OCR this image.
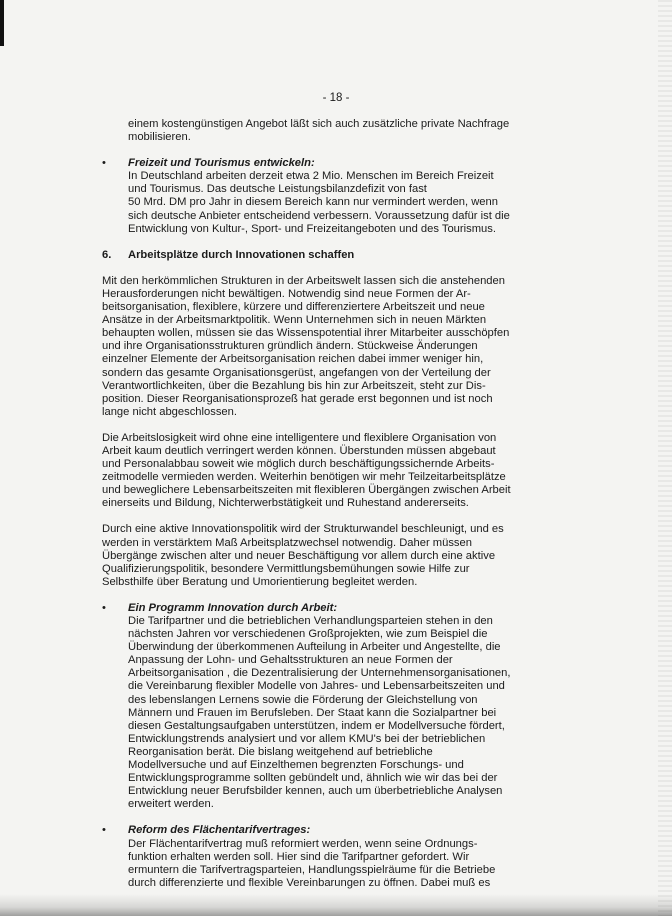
- 18 -
einem kostengünstigen Angebot läßt sich auch zusätzliche private Nachfrage
mobilisieren.
•	Freizeit und Tourismus entwickeln:
In Deutschland arbeiten derzeit etwa 2 Mio. Menschen im Bereich Freizeit
und Tourismus. Das deutsche Leistungsbilanzdefizit von fast
50 Mrd. DM pro Jahr in diesem Bereich kann nur vermindert werden, wenn
sich deutsche Anbieter entscheidend verbessern. Voraussetzung dafür ist die
Entwicklung von Kultur-, Sport- und Freizeitangeboten und des Tourismus.
6. Arbeitsplätze durch Innovationen schaffen
Mit den herkömmlichen Strukturen in der Arbeitswelt lassen sich die anstehenden
Herausforderungen nicht bewältigen. Notwendig sind neue Formen der Ar-
beitsorganisation, flexiblere, kürzere und differenziertere Arbeitszeit und neue
Ansätze in der Arbeitsmarktpolitik. Wenn Unternehmen sich in neuen Märkten
behaupten wollen, müssen sie das Wissenspotential ihrer Mitarbeiter ausschöpfen
und ihre Organisationsstrukturen gründlich ändern. Stückweise Änderungen
einzelner Elemente der Arbeitsorganisation reichen dabei immer weniger hin,
sondern das gesamte Organisationsgerüst, angefangen von der Verteilung der
Verantwortlichkeiten, über die Bezahlung bis hin zur Arbeitszeit, steht zur Dis-
position. Dieser Reorganisationsprozeß hat gerade erst begonnen und ist noch
lange nicht abgeschlossen.
Die Arbeitslosigkeit wird ohne eine intelligentere und flexiblere Organisation von
Arbeit kaum deutlich verringert werden können. Überstunden müssen abgebaut
und Personalabbau soweit wie möglich durch beschäftigungssichernde Arbeits-
zeitmodelle vermieden werden. Weiterhin benötigen wir mehr Teilzeitarbeitsplätze
und beweglichere Lebensarbeitszeiten mit flexibleren Übergängen zwischen Arbeit
einerseits und Bildung, Nichterwerbstätigkeit und Ruhestand andererseits.
Durch eine aktive Innovationspolitik wird der Strukturwandel beschleunigt, und es
werden in verstärktem Maß Arbeitsplatzwechsel notwendig. Daher müssen
Übergänge zwischen alter und neuer Beschäftigung vor allem durch eine aktive
Qualifizierungspolitik, besondere Vermittlungsbemühungen sowie Hilfe zur
Selbsthilfe über Beratung und Umorientierung begleitet werden.
•	Ein Programm Innovation durch Arbeit:
Die Tarifpartner und die betrieblichen Verhandlungsparteien stehen in den
nächsten Jahren vor verschiedenen Großprojekten, wie zum Beispiel die
Überwindung der überkommenen Aufteilung in Arbeiter und Angestellte, die
Anpassung der Lohn- und Gehaltsstrukturen an neue Formen der
Arbeitsorganisation , die Dezentralisierung der Unternehmensorganisationen,
die Vereinbarung flexibler Modelle von Jahres- und Lebensarbeitszeiten und
des lebenslangen Lernens sowie die Förderung der Gleichstellung von
Männern und Frauen im Berufsleben. Der Staat kann die Sozialpartner bei
diesen Gestaltungsaufgaben unterstützen, indem er Modellversuche fördert,
Entwicklungstrends analysiert und vor allem KMU's bei der betrieblichen
Reorganisation berät. Die bislang weitgehend auf betriebliche
Modellversuche und auf Einzelthemen begrenzten Forschungs- und
Entwicklungsprogramme sollten gebündelt und, ähnlich wie wir das bei der
Entwicklung neuer Berufsbilder kennen, auch um überbetriebliche Analysen
erweitert werden.
•	Reform des Flächentarifvertrages:
Der Flächentarifvertrag muß reformiert werden, wenn seine Ordnungs-
funktion erhalten werden soll. Hier sind die Tarifpartner gefordert. Wir
ermuntern die Tarifvertragsparteien, Handlungsspielräume für die Betriebe
durch differenzierte und flexible Vereinbarungen zu öffnen. Dabei muß es
